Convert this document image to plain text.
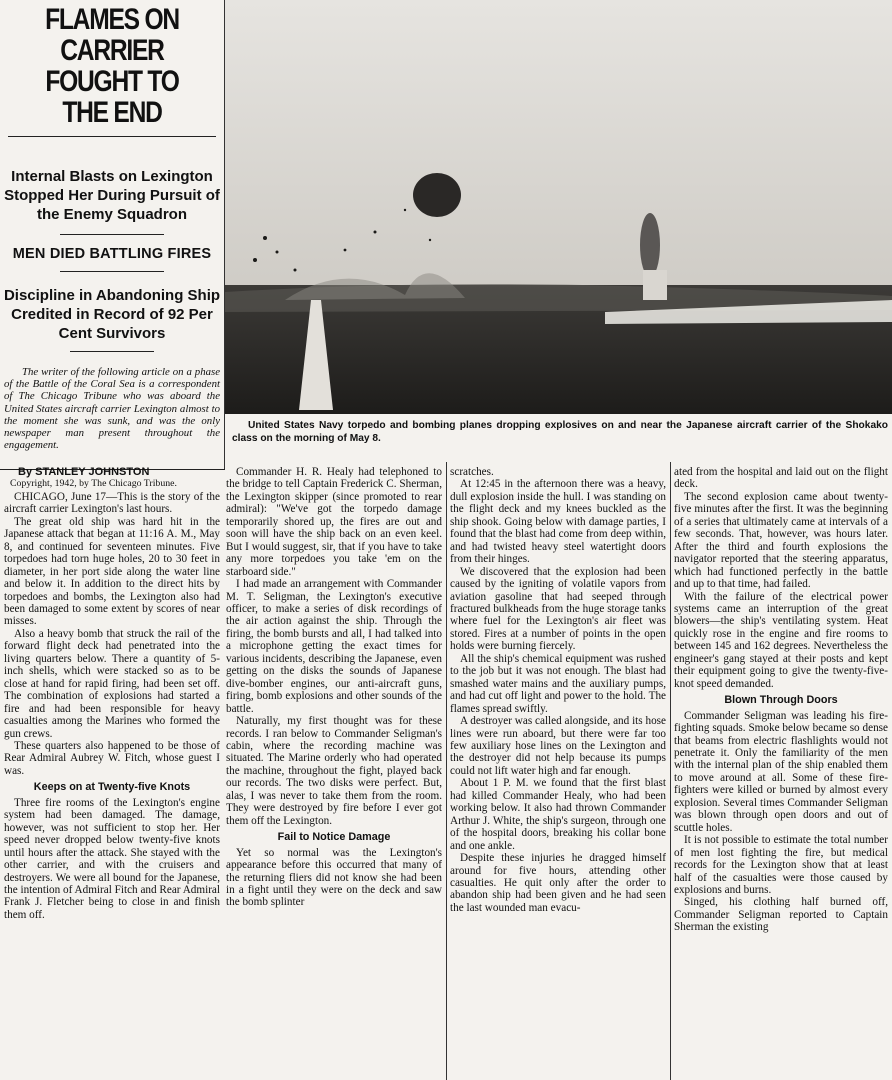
FLAMES ON CARRIER FOUGHT TO THE END
Internal Blasts on Lexington Stopped Her During Pursuit of the Enemy Squadron
MEN DIED BATTLING FIRES
Discipline in Abandoning Ship Credited in Record of 92 Per Cent Survivors

The writer of the following article on a phase of the Battle of the Coral Sea is a correspondent of The Chicago Tribune who was aboard the United States aircraft carrier Lexington almost to the moment she was sunk, and was the only newspaper man present throughout the engagement.

United States Navy torpedo and bombing planes dropping explosives on and near the Japanese aircraft carrier of the Shokako class on the morning of May 8.

By STANLEY JOHNSTON

Copyright, 1942, by The Chicago Tribune.

CHICAGO, June 17—This is the story of the aircraft carrier Lexington's last hours.

The great old ship was hard hit in the Japanese attack that began at 11:16 A. M., May 8, and continued for seventeen minutes. Five torpedoes had torn huge holes, 20 to 30 feet in diameter, in her port side along the water line and below it. In addition to the direct hits by torpedoes and bombs, the Lexington also had been damaged to some extent by scores of near misses.

Also a heavy bomb that struck the rail of the forward flight deck had penetrated into the living quarters below. There a quantity of 5-inch shells, which were stacked so as to be close at hand for rapid firing, had been set off. The combination of explosions had started a fire and had been responsible for heavy casualties among the Marines who formed the gun crews.

These quarters also happened to be those of Rear Admiral Aubrey W. Fitch, whose guest I was.

Keeps on at Twenty-five Knots

Three fire rooms of the Lexington's engine system had been damaged. The damage, however, was not sufficient to stop her. Her speed never dropped below twenty-five knots until hours after the attack. She stayed with the other carrier, and with the cruisers and destroyers. We were all bound for the Japanese, the intention of Admiral Fitch and Rear Admiral Frank J. Fletcher being to close in and finish them off.

Commander H. R. Healy had telephoned to the bridge to tell Captain Frederick C. Sherman, the Lexington skipper (since promoted to rear admiral): "We've got the torpedo damage temporarily shored up, the fires are out and soon will have the ship back on an even keel. But I would suggest, sir, that if you have to take any more torpedoes you take 'em on the starboard side."

I had made an arrangement with Commander M. T. Seligman, the Lexington's executive officer, to make a series of disk recordings of the air action against the ship. Through the firing, the bomb bursts and all, I had talked into a microphone getting the exact times for various incidents, describing the Japanese, even getting on the disks the sounds of Japanese dive-bomber engines, our anti-aircraft guns, firing, bomb explosions and other sounds of the battle.

Naturally, my first thought was for these records. I ran below to Commander Seligman's cabin, where the recording machine was situated. The Marine orderly who had operated the machine, throughout the fight, played back our records. The two disks were perfect. But, alas, I was never to take them from the room. They were destroyed by fire before I ever got them off the Lexington.

Fail to Notice Damage

Yet so normal was the Lexington's appearance before this occurred that many of the returning fliers did not know she had been in a fight until they were on the deck and saw the bomb splinter

scratches.

At 12:45 in the afternoon there was a heavy, dull explosion inside the hull. I was standing on the flight deck and my knees buckled as the ship shook. Going below with damage parties, I found that the blast had come from deep within, and had twisted heavy steel watertight doors from their hinges.

We discovered that the explosion had been caused by the igniting of volatile vapors from aviation gasoline that had seeped through fractured bulkheads from the huge storage tanks where fuel for the Lexington's air fleet was stored. Fires at a number of points in the open holds were burning fiercely.

All the ship's chemical equipment was rushed to the job but it was not enough. The blast had smashed water mains and the auxiliary pumps, and had cut off light and power to the hold. The flames spread swiftly.

A destroyer was called alongside, and its hose lines were run aboard, but there were far too few auxiliary hose lines on the Lexington and the destroyer did not help because its pumps could not lift water high and far enough.

About 1 P. M. we found that the first blast had killed Commander Healy, who had been working below. It also had thrown Commander Arthur J. White, the ship's surgeon, through one of the hospital doors, breaking his collar bone and one ankle.

Despite these injuries he dragged himself around for five hours, attending other casualties. He quit only after the order to abandon ship had been given and he had seen the last wounded man evacu-

ated from the hospital and laid out on the flight deck.

The second explosion came about twenty-five minutes after the first. It was the beginning of a series that ultimately came at intervals of a few seconds. That, however, was hours later. After the third and fourth explosions the navigator reported that the steering apparatus, which had functioned perfectly in the battle and up to that time, had failed.

With the failure of the electrical power systems came an interruption of the great blowers—the ship's ventilating system. Heat quickly rose in the engine and fire rooms to between 145 and 162 degrees. Nevertheless the engineer's gang stayed at their posts and kept their equipment going to give the twenty-five-knot speed demanded.

Blown Through Doors

Commander Seligman was leading his fire-fighting squads. Smoke below became so dense that beams from electric flashlights would not penetrate it. Only the familiarity of the men with the internal plan of the ship enabled them to move around at all. Some of these fire-fighters were killed or burned by almost every explosion. Several times Commander Seligman was blown through open doors and out of scuttle holes.

It is not possible to estimate the total number of men lost fighting the fire, but medical records for the Lexington show that at least half of the casualties were those caused by explosions and burns.

Singed, his clothing half burned off, Commander Seligman reported to Captain Sherman the existing
